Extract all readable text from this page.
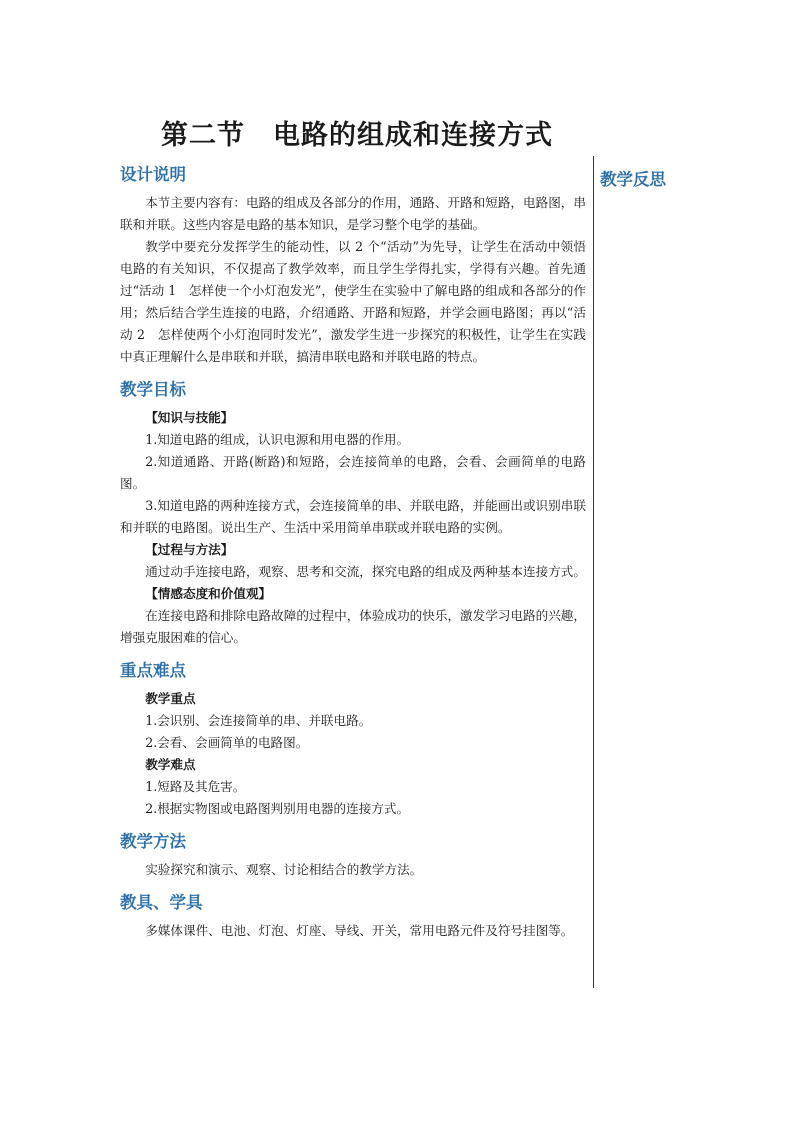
第二节　电路的组成和连接方式
教学反思
设计说明

本节主要内容有：电路的组成及各部分的作用，通路、开路和短路，电路图，串联和并联。这些内容是电路的基本知识，是学习整个电学的基础。

教学中要充分发挥学生的能动性，以 2 个“活动”为先导，让学生在活动中领悟电路的有关知识，不仅提高了教学效率，而且学生学得扎实，学得有兴趣。首先通过“活动 1　怎样使一个小灯泡发光”，使学生在实验中了解电路的组成和各部分的作用；然后结合学生连接的电路，介绍通路、开路和短路，并学会画电路图；再以“活动 2　怎样使两个小灯泡同时发光”，激发学生进一步探究的积极性，让学生在实践中真正理解什么是串联和并联，搞清串联电路和并联电路的特点。

教学目标
【知识与技能】

1.知道电路的组成，认识电源和用电器的作用。

2.知道通路、开路(断路)和短路，会连接简单的电路，会看、会画简单的电路图。

3.知道电路的两种连接方式，会连接简单的串、并联电路，并能画出或识别串联和并联的电路图。说出生产、生活中采用简单串联或并联电路的实例。

【过程与方法】

通过动手连接电路，观察、思考和交流，探究电路的组成及两种基本连接方式。

【情感态度和价值观】

在连接电路和排除电路故障的过程中，体验成功的快乐，激发学习电路的兴趣，增强克服困难的信心。

重点难点
教学重点

1.会识别、会连接简单的串、并联电路。

2.会看、会画简单的电路图。

教学难点

1.短路及其危害。

2.根据实物图或电路图判别用电器的连接方式。

教学方法

实验探究和演示、观察、讨论相结合的教学方法。

教具、学具

多媒体课件、电池、灯泡、灯座、导线、开关，常用电路元件及符号挂图等。
